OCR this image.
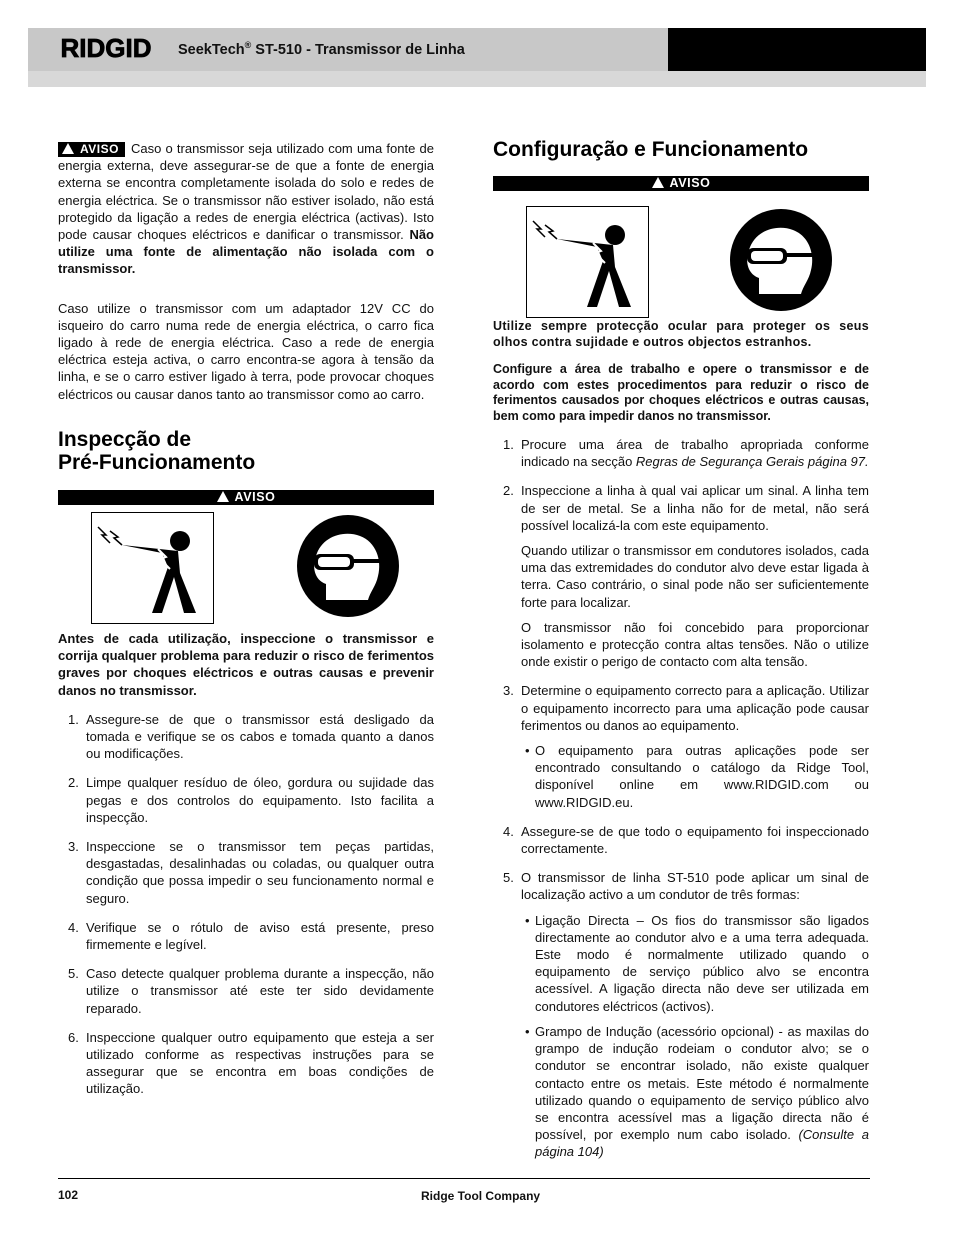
RIDGID SeekTech® ST-510 - Transmissor de Linha

AVISO Caso o transmissor seja utilizado com uma fonte de energia externa, deve assegurar-se de que a fonte de energia externa se encontra completamente isolada do solo e redes de energia eléctrica. Se o transmissor não estiver isolado, não está protegido da ligação a redes de energia eléctrica (activas). Isto pode causar choques eléctricos e danificar o transmissor. Não utilize uma fonte de alimentação não isolada com o transmissor.

Caso utilize o transmissor com um adaptador 12V CC do isqueiro do carro numa rede de energia eléctrica, o carro fica ligado à rede de energia eléctrica. Caso a rede de energia eléctrica esteja activa, o carro encontra-se agora à tensão da linha, e se o carro estiver ligado à terra, pode provocar choques eléctricos ou causar danos tanto ao transmissor como ao carro.

Inspecção de
Pré-Funcionamento
AVISO
Antes de cada utilização, inspeccione o transmissor e corrija qualquer problema para reduzir o risco de ferimentos graves por choques eléctricos e outras causas e prevenir danos no transmissor.
1. Assegure-se de que o transmissor está desligado da tomada e verifique se os cabos e tomada quanto a danos ou modificações.
2. Limpe qualquer resíduo de óleo, gordura ou sujidade das pegas e dos controlos do equipamento. Isto facilita a inspecção.
3. Inspeccione se o transmissor tem peças partidas, desgastadas, desalinhadas ou coladas, ou qualquer outra condição que possa impedir o seu funcionamento normal e seguro.
4. Verifique se o rótulo de aviso está presente, preso firmemente e legível.
5. Caso detecte qualquer problema durante a inspecção, não utilize o transmissor até este ter sido devidamente reparado.
6. Inspeccione qualquer outro equipamento que esteja a ser utilizado conforme as respectivas instruções para se assegurar que se encontra em boas condições de utilização.
Configuração e Funcionamento
AVISO
Utilize sempre protecção ocular para proteger os seus olhos contra sujidade e outros objectos estranhos.
Configure a área de trabalho e opere o transmissor e de acordo com estes procedimentos para reduzir o risco de ferimentos causados por choques eléctricos e outras causas, bem como para impedir danos no transmissor.
1. Procure uma área de trabalho apropriada conforme indicado na secção Regras de Segurança Gerais página 97.
2. Inspeccione a linha à qual vai aplicar um sinal. A linha tem de ser de metal. Se a linha não for de metal, não será possível localizá-la com este equipamento.

Quando utilizar o transmissor em condutores isolados, cada uma das extremidades do condutor alvo deve estar ligada à terra. Caso contrário, o sinal pode não ser suficientemente forte para localizar.

O transmissor não foi concebido para proporcionar isolamento e protecção contra altas tensões. Não o utilize onde existir o perigo de contacto com alta tensão.

3. Determine o equipamento correcto para a aplicação. Utilizar o equipamento incorrecto para uma aplicação pode causar ferimentos ou danos ao equipamento.
• O equipamento para outras aplicações pode ser encontrado consultando o catálogo da Ridge Tool, disponível online em www.RIDGID.com ou www.RIDGID.eu.
4. Assegure-se de que todo o equipamento foi inspeccionado correctamente.
5. O transmissor de linha ST-510 pode aplicar um sinal de localização activo a um condutor de três formas:
• Ligação Directa – Os fios do transmissor são ligados directamente ao condutor alvo e a uma terra adequada. Este modo é normalmente utilizado quando o equipamento de serviço público alvo se encontra acessível. A ligação directa não deve ser utilizada em condutores eléctricos (activos).
• Grampo de Indução (acessório opcional) - as maxilas do grampo de indução rodeiam o condutor alvo; se o condutor se encontrar isolado, não existe qualquer contacto entre os metais. Este método é normalmente utilizado quando o equipamento de serviço público alvo se encontra acessível mas a ligação directa não é possível, por exemplo num cabo isolado. (Consulte a página 104)
102	Ridge Tool Company
